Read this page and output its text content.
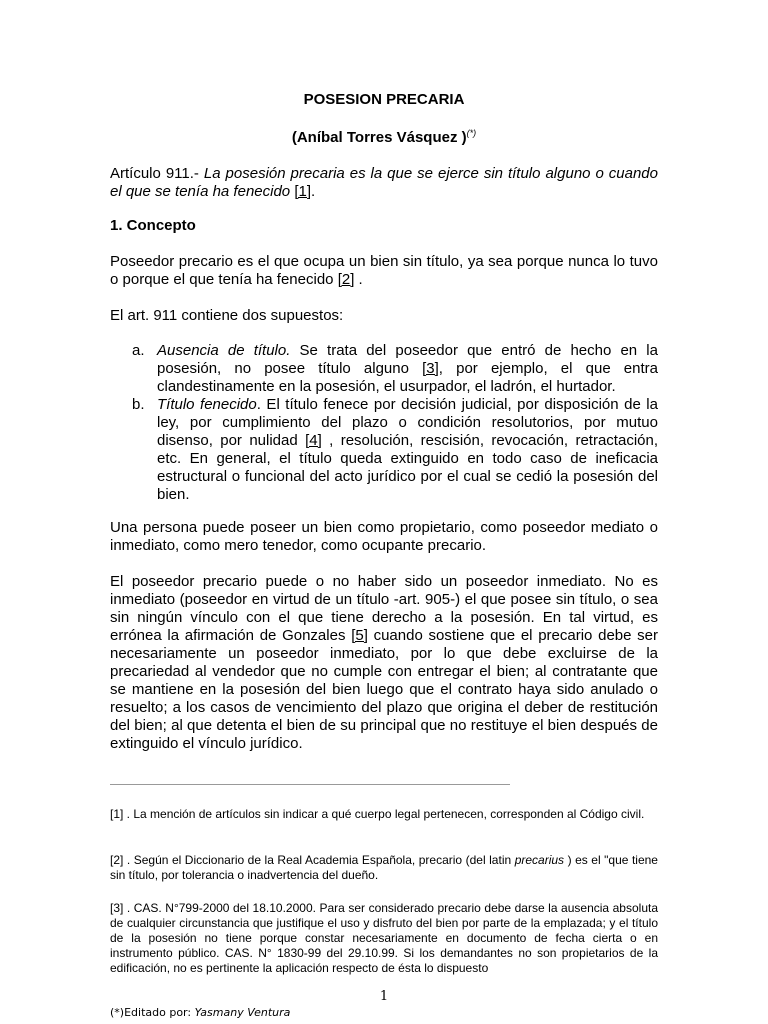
POSESION PRECARIA
(Aníbal Torres Vásquez )(*)
Artículo 911.- La posesión precaria es la que se ejerce sin título alguno o cuando el que se tenía ha fenecido [1].
1. Concepto
Poseedor precario es el que ocupa un bien sin título, ya sea porque nunca lo tuvo o porque el que tenía ha fenecido [2] .
El art. 911 contiene dos supuestos:
a. Ausencia de título. Se trata del poseedor que entró de hecho en la posesión, no posee título alguno [3], por ejemplo, el que entra clandestinamente en la posesión, el usurpador, el ladrón, el hurtador.
b. Título fenecido. El título fenece por decisión judicial, por disposición de la ley, por cumplimiento del plazo o condición resolutorios, por mutuo disenso, por nulidad [4] , resolución, rescisión, revocación, retractación, etc. En general, el título queda extinguido en todo caso de ineficacia estructural o funcional del acto jurídico por el cual se cedió la posesión del bien.
Una persona puede poseer un bien como propietario, como poseedor mediato o inmediato, como mero tenedor, como ocupante precario.
El poseedor precario puede o no haber sido un poseedor inmediato. No es inmediato (poseedor en virtud de un título -art. 905-) el que posee sin título, o sea sin ningún vínculo con el que tiene derecho a la posesión. En tal virtud, es errónea la afirmación de Gonzales [5] cuando sostiene que el precario debe ser necesariamente un poseedor inmediato, por lo que debe excluirse de la precariedad al vendedor que no cumple con entregar el bien; al contratante que se mantiene en la posesión del bien luego que el contrato haya sido anulado o resuelto; a los casos de vencimiento del plazo que origina el deber de restitución del bien; al que detenta el bien de su principal que no restituye el bien después de extinguido el vínculo jurídico.
[1] . La mención de artículos sin indicar a qué cuerpo legal pertenecen, corresponden al Código civil.
[2] . Según el Diccionario de la Real Academia Española, precario (del latin precarius ) es el "que tiene sin título, por tolerancia o inadvertencia del dueño.
[3] . CAS. N°799-2000 del 18.10.2000. Para ser considerado precario debe darse la ausencia absoluta de cualquier circunstancia que justifique el uso y disfruto del bien por parte de la emplazada; y el título de la posesión no tiene porque constar necesariamente en documento de fecha cierta o en instrumento público. CAS. N° 1830-99 del 29.10.99. Si los demandantes no son propietarios de la edificación, no es pertinente la aplicación respecto de ésta lo dispuesto
1
(*)Editado por: Yasmany Ventura
